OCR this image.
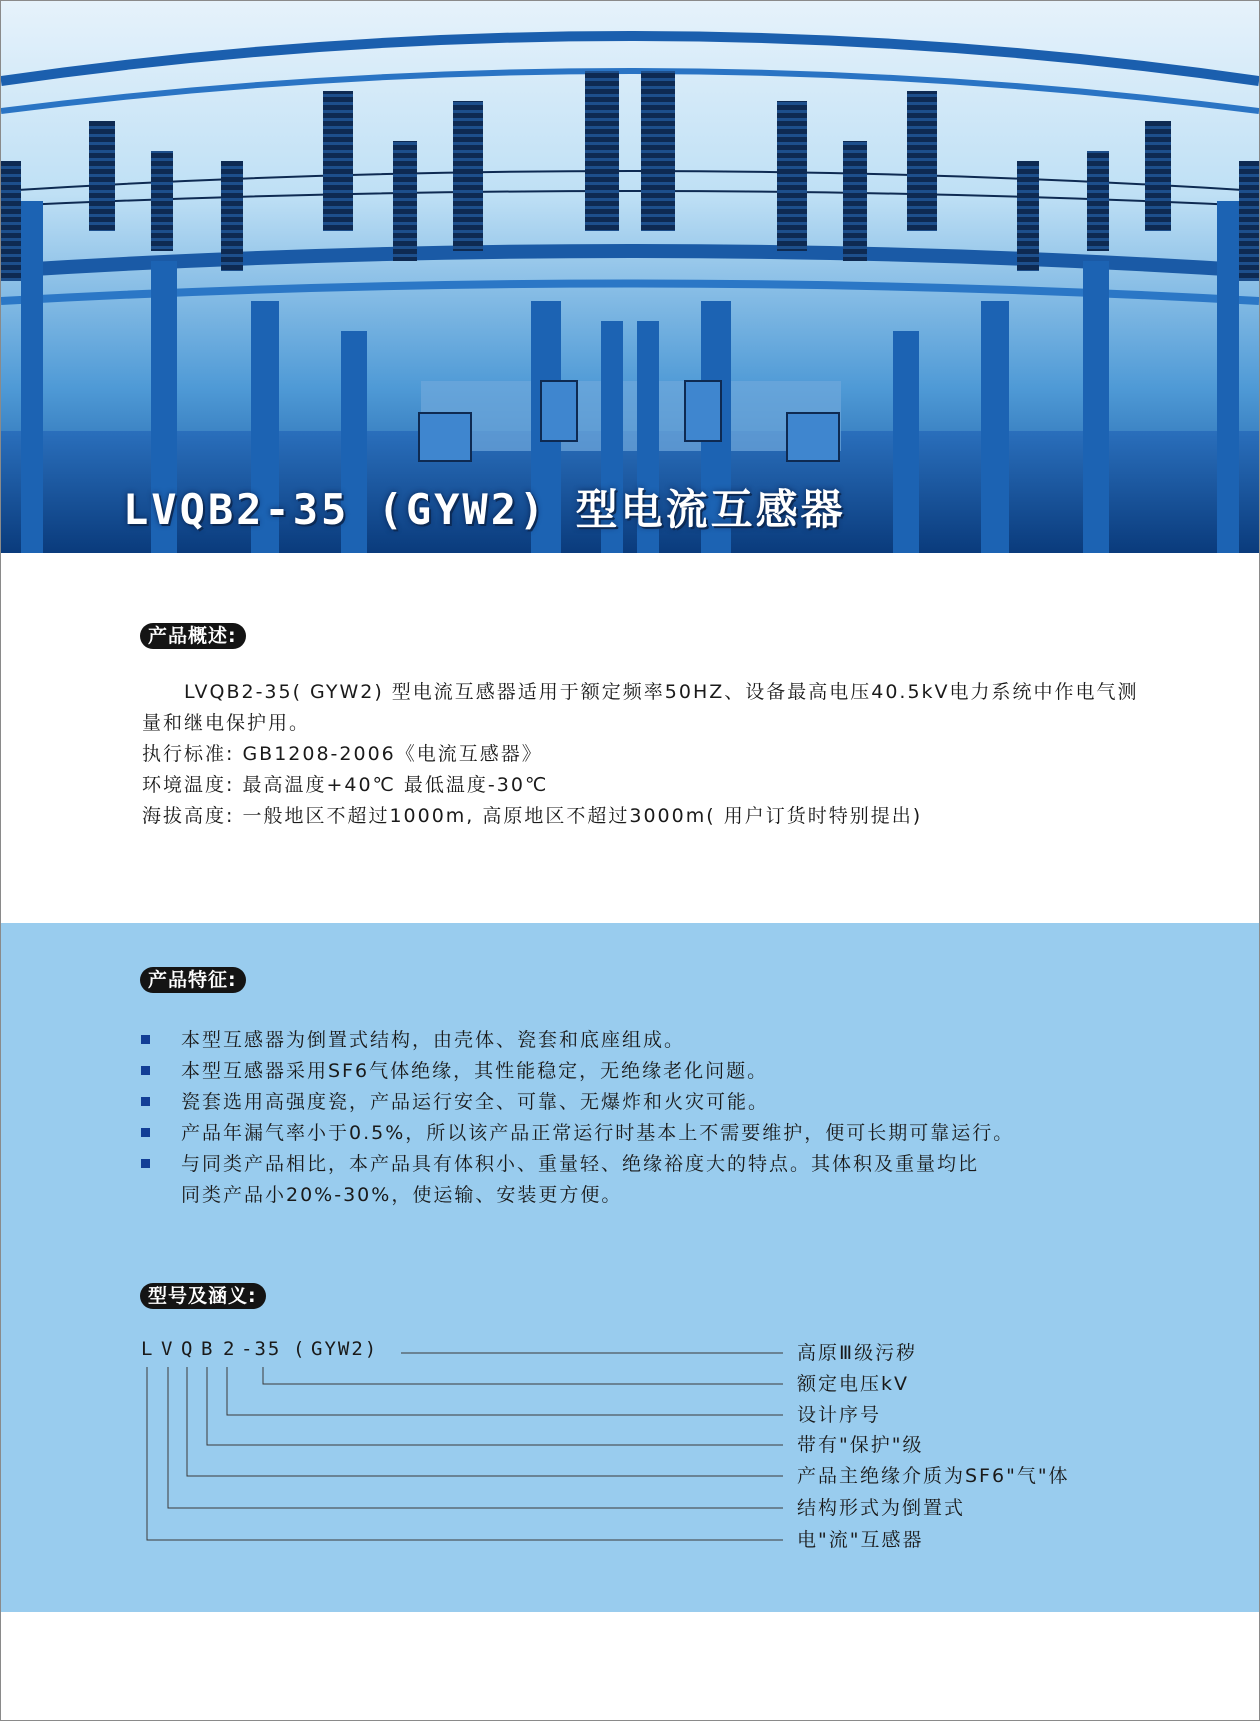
LVQB2-35 (GYW2) 型电流互感器
产品概述:

LVQB2-35( GYW2) 型电流互感器适用于额定频率50HZ、设备最高电压40.5kV电力系统中作电气测量和继电保护用。

执行标准: GB1208-2006《电流互感器》

环境温度: 最高温度+40℃ 最低温度-30℃

海拔高度: 一般地区不超过1000m, 高原地区不超过3000m( 用户订货时特别提出)

产品特征:
本型互感器为倒置式结构，由壳体、瓷套和底座组成。
本型互感器采用SF6气体绝缘，其性能稳定，无绝缘老化问题。
瓷套选用高强度瓷，产品运行安全、可靠、无爆炸和火灾可能。
产品年漏气率小于0.5%，所以该产品正常运行时基本上不需要维护，便可长期可靠运行。
与同类产品相比，本产品具有体积小、重量轻、绝缘裕度大的特点。其体积及重量均比同类产品小20%-30%，使运输、安装更方便。
型号及涵义:
L V Q B 2 -35 ( GYW2)	高原Ⅲ级污秽
额定电压kV
设计序号
带有"保护"级
产品主绝缘介质为SF6"气"体
结构形式为倒置式
电"流"互感器
